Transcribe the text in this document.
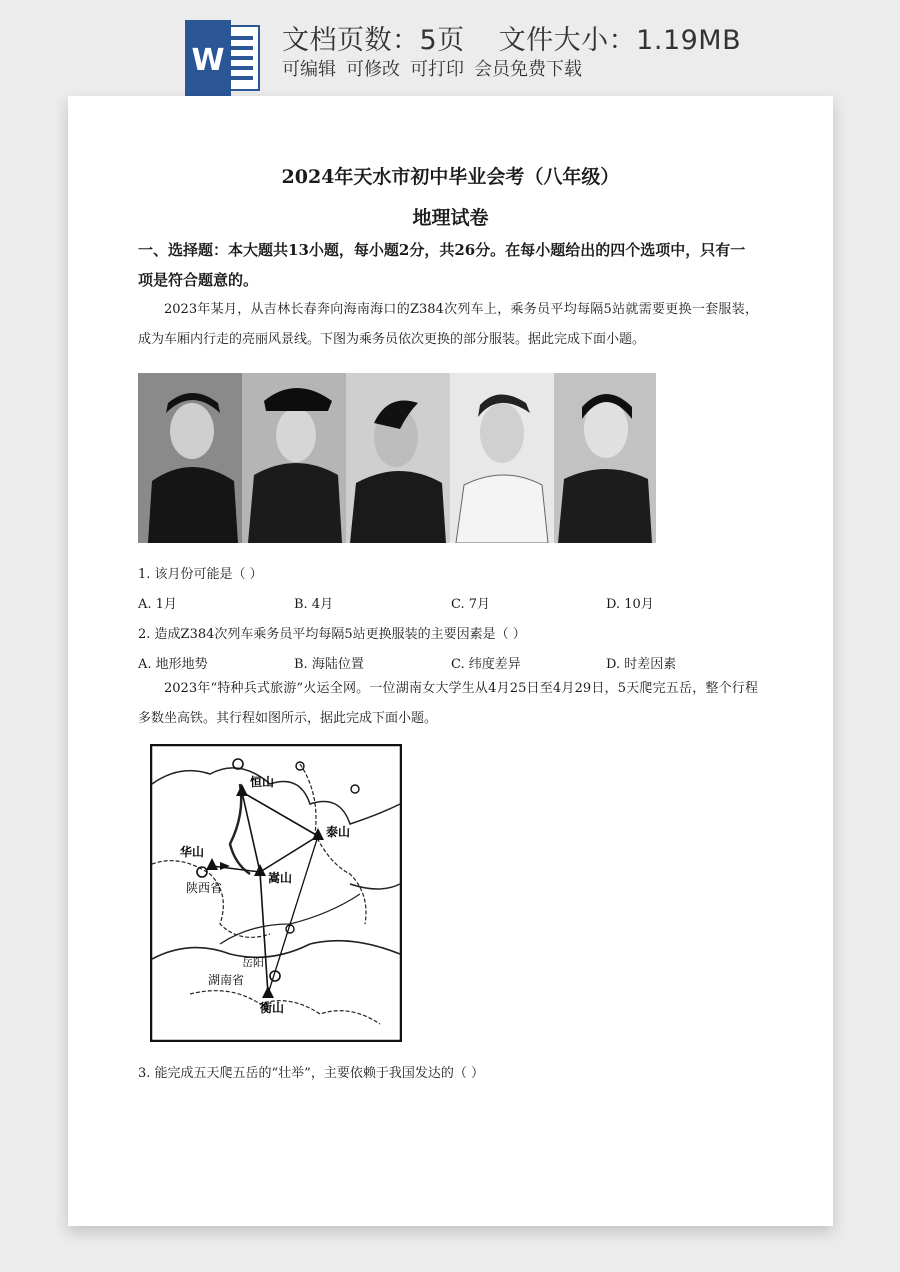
W
文档页数：5页 文件大小：1.19MB
可编辑 可修改 可打印 会员免费下载
2024年天水市初中毕业会考（八年级）
地理试卷
一、选择题：本大题共13小题，每小题2分，共26分。在每小题给出的四个选项中，只有一项是符合题意的。
2023年某月，从吉林长春奔向海南海口的Z384次列车上，乘务员平均每隔5站就需要更换一套服装，成为车厢内行走的亮丽风景线。下图为乘务员依次更换的部分服装。据此完成下面小题。
1. 该月份可能是（ ）
A. 1月	B. 4月	C. 7月	D. 10月
2. 造成Z384次列车乘务员平均每隔5站更换服装的主要因素是（ ）
A. 地形地势	B. 海陆位置	C. 纬度差异	D. 时差因素
2023年“特种兵式旅游”火运全网。一位湖南女大学生从4月25日至4月29日，5天爬完五岳，整个行程多数坐高铁。其行程如图所示，据此完成下面小题。
恒山
泰山
华山
陕西省
嵩山
岳阳
湖南省
衡山
3. 能完成五天爬五岳的“壮举”，主要依赖于我国发达的（ ）
